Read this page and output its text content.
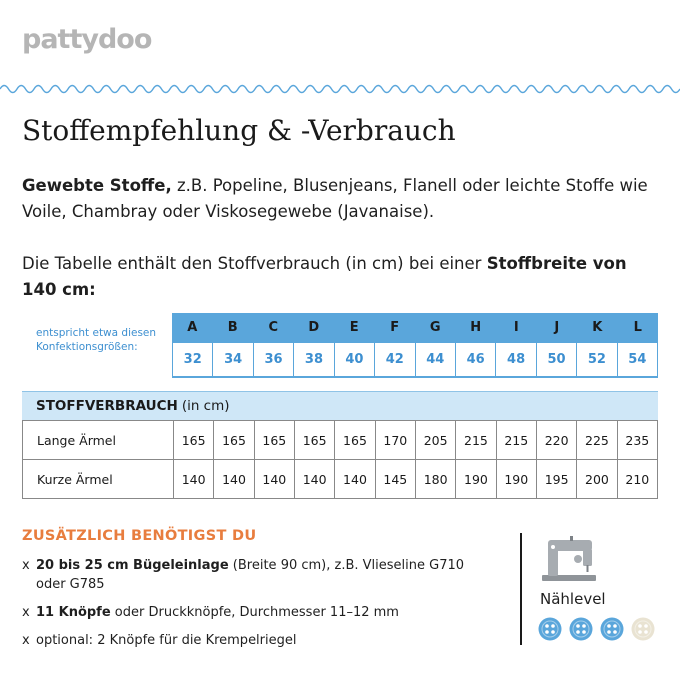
pattydoo
Stoffempfehlung & -Verbrauch
Gewebte Stoffe, z.B. Popeline, Blusenjeans, Flanell oder leichte Stoffe wie Voile, Chambray oder Viskosegewebe (Javanaise).
Die Tabelle enthält den Stoffverbrauch (in cm) bei einer Stoffbreite von 140 cm:
entspricht etwa diesen Konfektionsgrößen:
A	B	C	D	E	F	G	H	I	J	K	L
32	34	36	38	40	42	44	46	48	50	52	54
STOFFVERBRAUCH (in cm)
Lange Ärmel	165	165	165	165	165	170	205	215	215	220	225	235
Kurze Ärmel	140	140	140	140	140	145	180	190	190	195	200	210
ZUSÄTZLICH BENÖTIGST DU
x 20 bis 25 cm Bügeleinlage (Breite 90 cm), z.B. Vlieseline G710 oder G785
x 11 Knöpfe oder Druckknöpfe, Durchmesser 11–12 mm
x optional: 2 Knöpfe für die Krempelriegel
Nählevel
